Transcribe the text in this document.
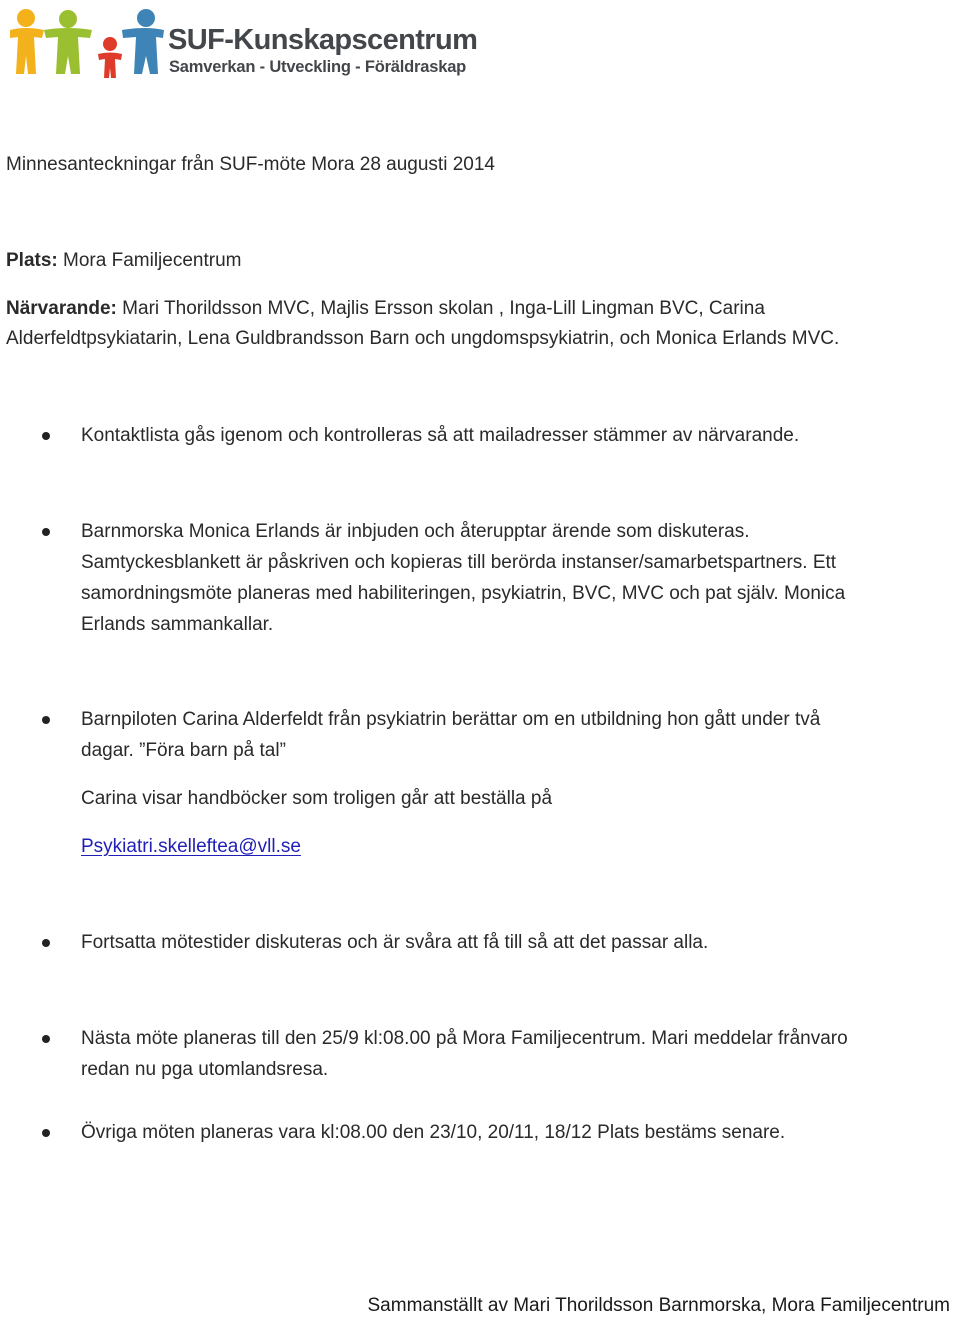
SUF-Kunskapscentrum
Samverkan - Utveckling - Föräldraskap
Minnesanteckningar från SUF-möte Mora 28 augusti 2014
Plats: Mora Familjecentrum
Närvarande: Mari Thorildsson MVC, Majlis Ersson skolan , Inga-Lill Lingman BVC, Carina
Alderfeldtpsykiatarin, Lena Guldbrandsson Barn och ungdomspsykiatrin, och Monica Erlands MVC.
Kontaktlista gås igenom och kontrolleras så att mailadresser stämmer av närvarande.
Barnmorska Monica Erlands är inbjuden och återupptar ärende som diskuteras.
Samtyckesblankett är påskriven och kopieras till berörda instanser/samarbetspartners. Ett
samordningsmöte planeras med habiliteringen, psykiatrin, BVC, MVC och pat själv. Monica
Erlands sammankallar.
Barnpiloten Carina Alderfeldt från psykiatrin berättar om en utbildning hon gått under två
dagar. ”Föra barn på tal”
Carina visar handböcker som troligen går att beställa på
Psykiatri.skelleftea@vll.se
Fortsatta mötestider diskuteras och är svåra att få till så att det passar alla.
Nästa möte planeras till den 25/9 kl:08.00 på Mora Familjecentrum. Mari meddelar frånvaro
redan nu pga utomlandsresa.
Övriga möten planeras vara kl:08.00 den 23/10, 20/11, 18/12 Plats bestäms senare.
Sammanställt av Mari Thorildsson Barnmorska, Mora Familjecentrum
